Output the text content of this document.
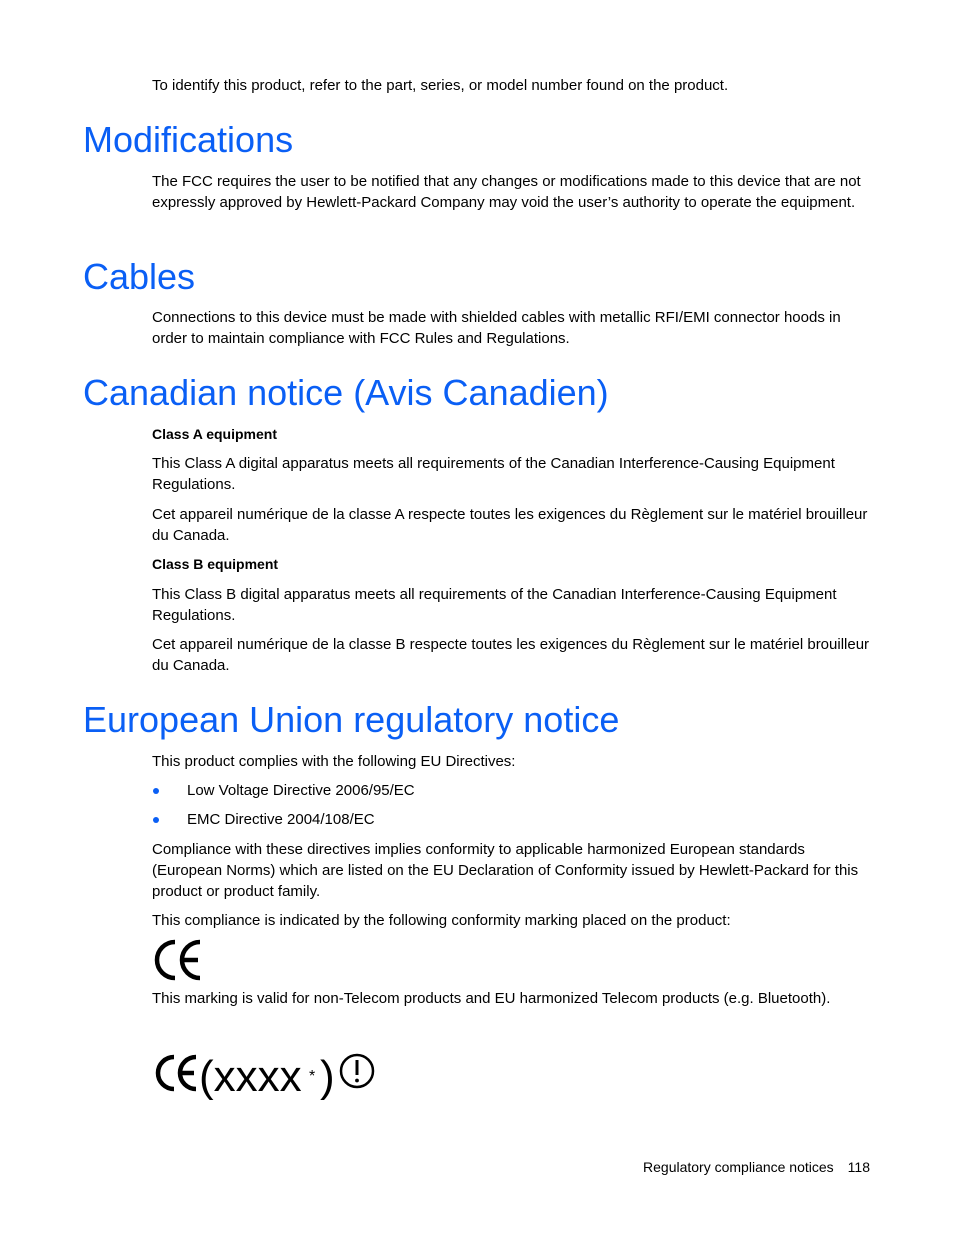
To identify this product, refer to the part, series, or model number found on the product.

Modifications

The FCC requires the user to be notified that any changes or modifications made to this device that are not expressly approved by Hewlett-Packard Company may void the user’s authority to operate the equipment.

Cables

Connections to this device must be made with shielded cables with metallic RFI/EMI connector hoods in order to maintain compliance with FCC Rules and Regulations.

Canadian notice (Avis Canadien)
Class A equipment

This Class A digital apparatus meets all requirements of the Canadian Interference-Causing Equipment Regulations.

Cet appareil numérique de la classe A respecte toutes les exigences du Règlement sur le matériel brouilleur du Canada.

Class B equipment

This Class B digital apparatus meets all requirements of the Canadian Interference-Causing Equipment Regulations.

Cet appareil numérique de la classe B respecte toutes les exigences du Règlement sur le matériel brouilleur du Canada.

European Union regulatory notice

This product complies with the following EU Directives:

Low Voltage Directive 2006/95/EC
EMC Directive 2004/108/EC

Compliance with these directives implies conformity to applicable harmonized European standards (European Norms) which are listed on the EU Declaration of Conformity issued by Hewlett-Packard for this product or product family.

This compliance is indicated by the following conformity marking placed on the product:

This marking is valid for non-Telecom products and EU harmonized Telecom products (e.g. Bluetooth).

(xxxx * )
Regulatory compliance notices 118
